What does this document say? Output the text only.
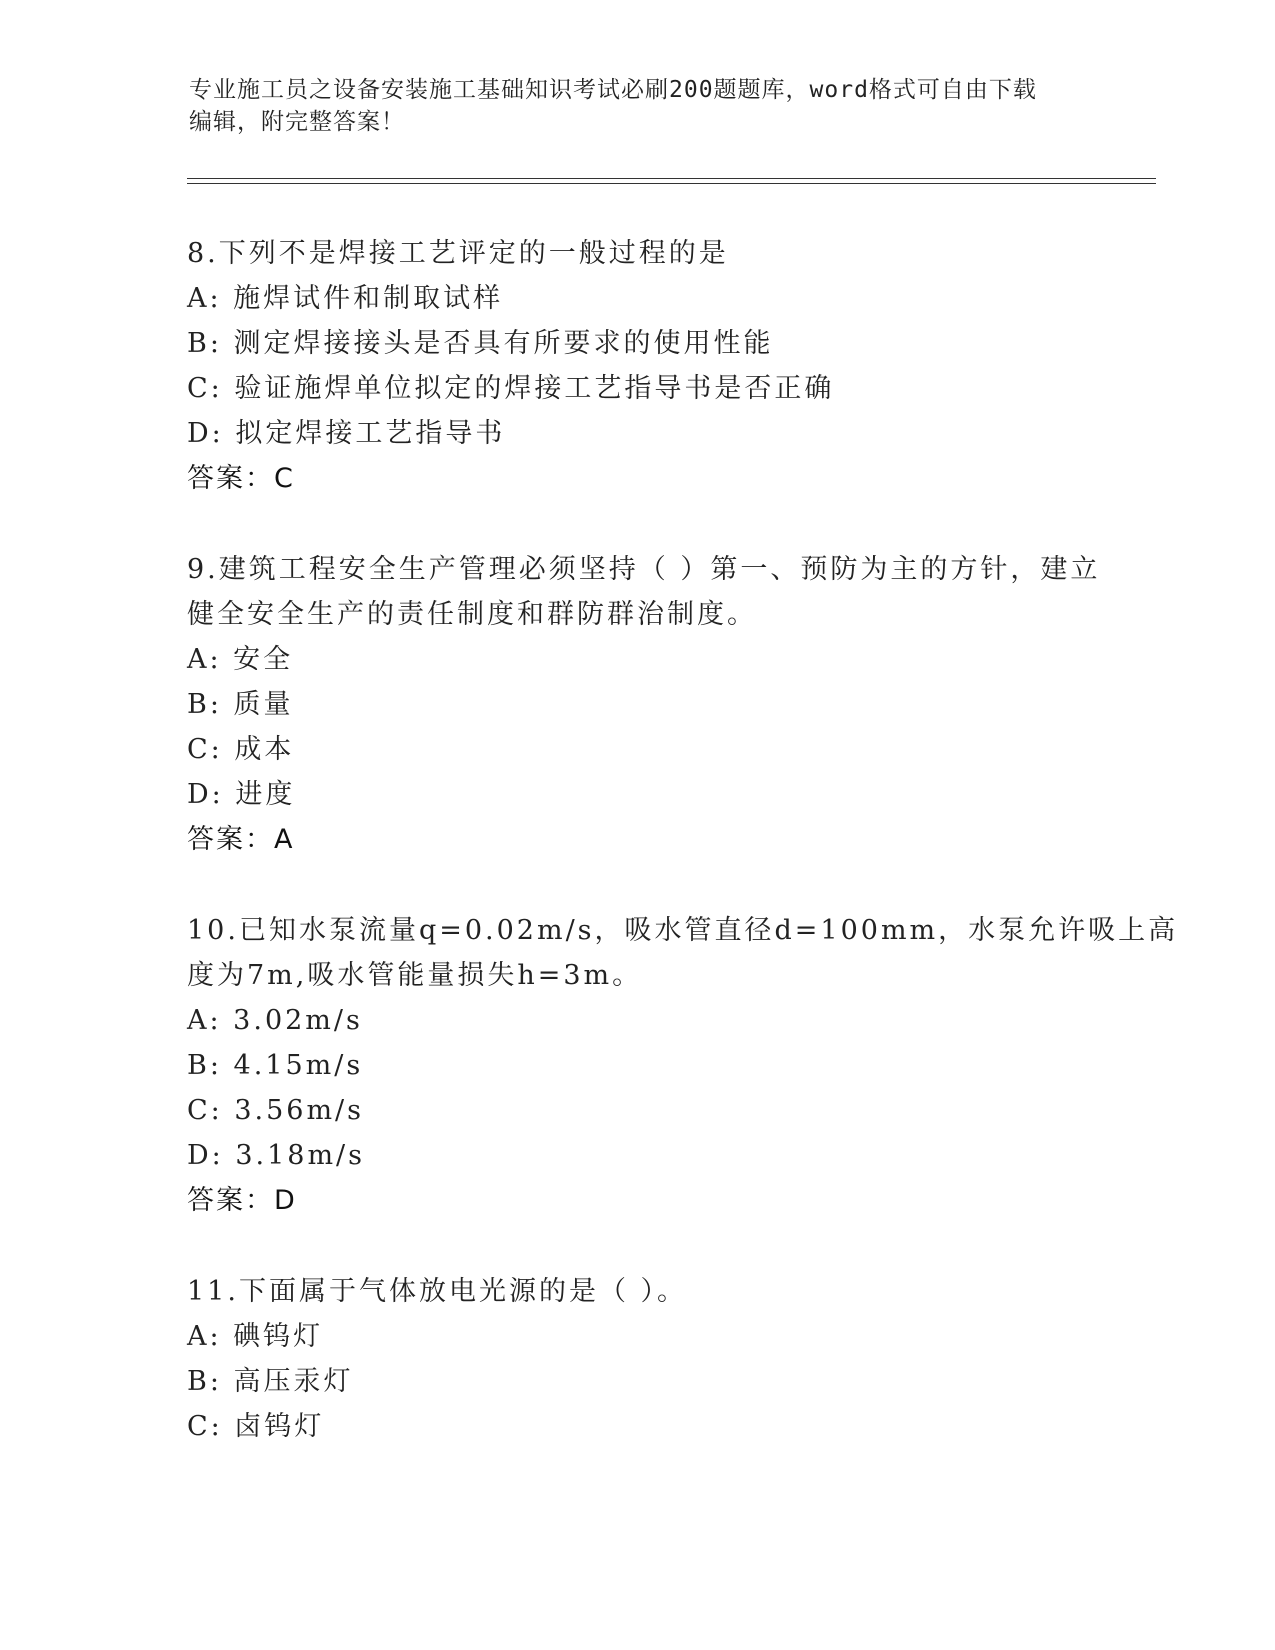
专业施工员之设备安装施工基础知识考试必刷200题题库，word格式可自由下载
编辑，附完整答案！
8.下列不是焊接工艺评定的一般过程的是
A: 施焊试件和制取试样
B: 测定焊接接头是否具有所要求的使用性能
C: 验证施焊单位拟定的焊接工艺指导书是否正确
D: 拟定焊接工艺指导书
答案：C
9.建筑工程安全生产管理必须坚持（ ）第一、预防为主的方针，建立
健全安全生产的责任制度和群防群治制度。
A: 安全
B: 质量
C: 成本
D: 进度
答案：A
10.已知水泵流量q=0.02m/s，吸水管直径d=100mm，水泵允许吸上高
度为7m,吸水管能量损失h=3m。
A: 3.02m/s
B: 4.15m/s
C: 3.56m/s
D: 3.18m/s
答案：D
11.下面属于气体放电光源的是（ ）。
A: 碘钨灯
B: 高压汞灯
C: 卤钨灯
